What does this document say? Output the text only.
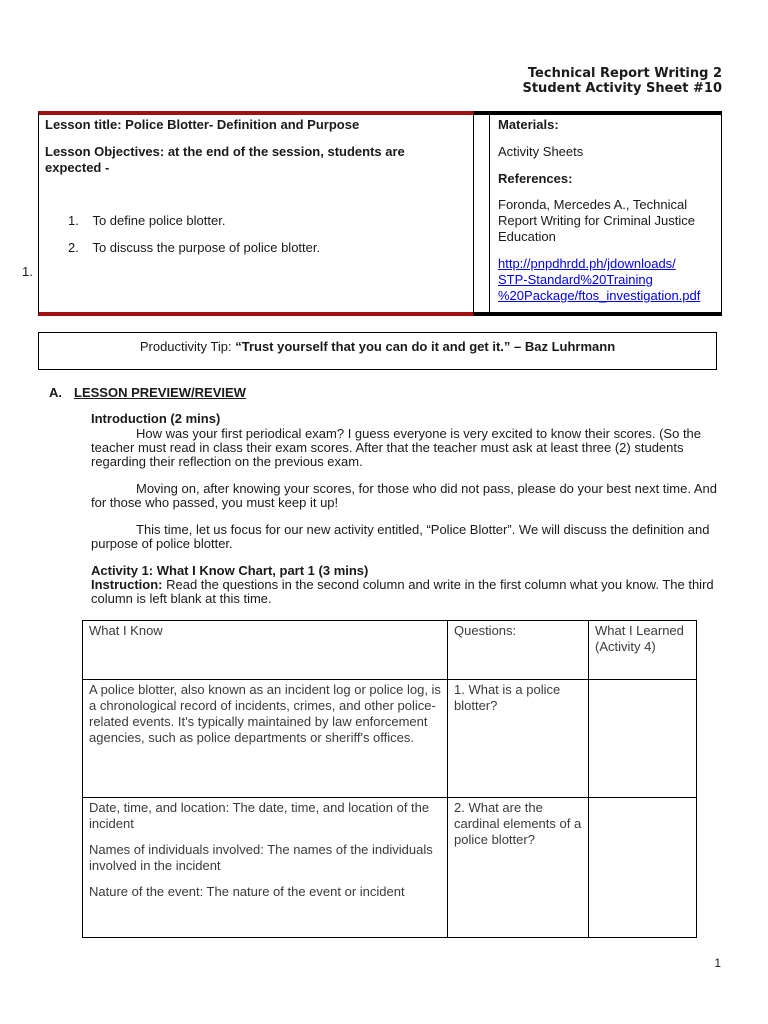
Technical Report Writing 2
Student Activity Sheet #10
Lesson title: Police Blotter- Definition and Purpose
Lesson Objectives: at the end of the session, students are expected -
1. To define police blotter.
2. To discuss the purpose of police blotter.
1.
Materials:
Activity Sheets
References:
Foronda, Mercedes A., Technical Report Writing for Criminal Justice Education
http://pnpdhrdd.ph/jdownloads/
STP-Standard%20Training
%20Package/ftos_investigation.pdf
Productivity Tip: “Trust yourself that you can do it and get it.” – Baz Luhrmann
A. LESSON PREVIEW/REVIEW
Introduction (2 mins)
How was your first periodical exam? I guess everyone is very excited to know their scores. (So the teacher must read in class their exam scores. After that the teacher must ask at least three (2) students regarding their reflection on the previous exam.
Moving on, after knowing your scores, for those who did not pass, please do your best next time. And for those who passed, you must keep it up!
This time, let us focus for our new activity entitled, “Police Blotter”. We will discuss the definition and purpose of police blotter.
Activity 1: What I Know Chart, part 1 (3 mins)
Instruction: Read the questions in the second column and write in the first column what you know. The third column is left blank at this time.
What I Know	Questions:	What I Learned (Activity 4)
A police blotter, also known as an incident log or police log, is a chronological record of incidents, crimes, and other police-related events. It's typically maintained by law enforcement agencies, such as police departments or sheriff's offices.	1. What is a police blotter?	

Date, time, and location: The date, time, and location of the incident

Names of individuals involved: The names of the individuals involved in the incident

Nature of the event: The nature of the event or incident	2. What are the cardinal elements of a police blotter?	
1
